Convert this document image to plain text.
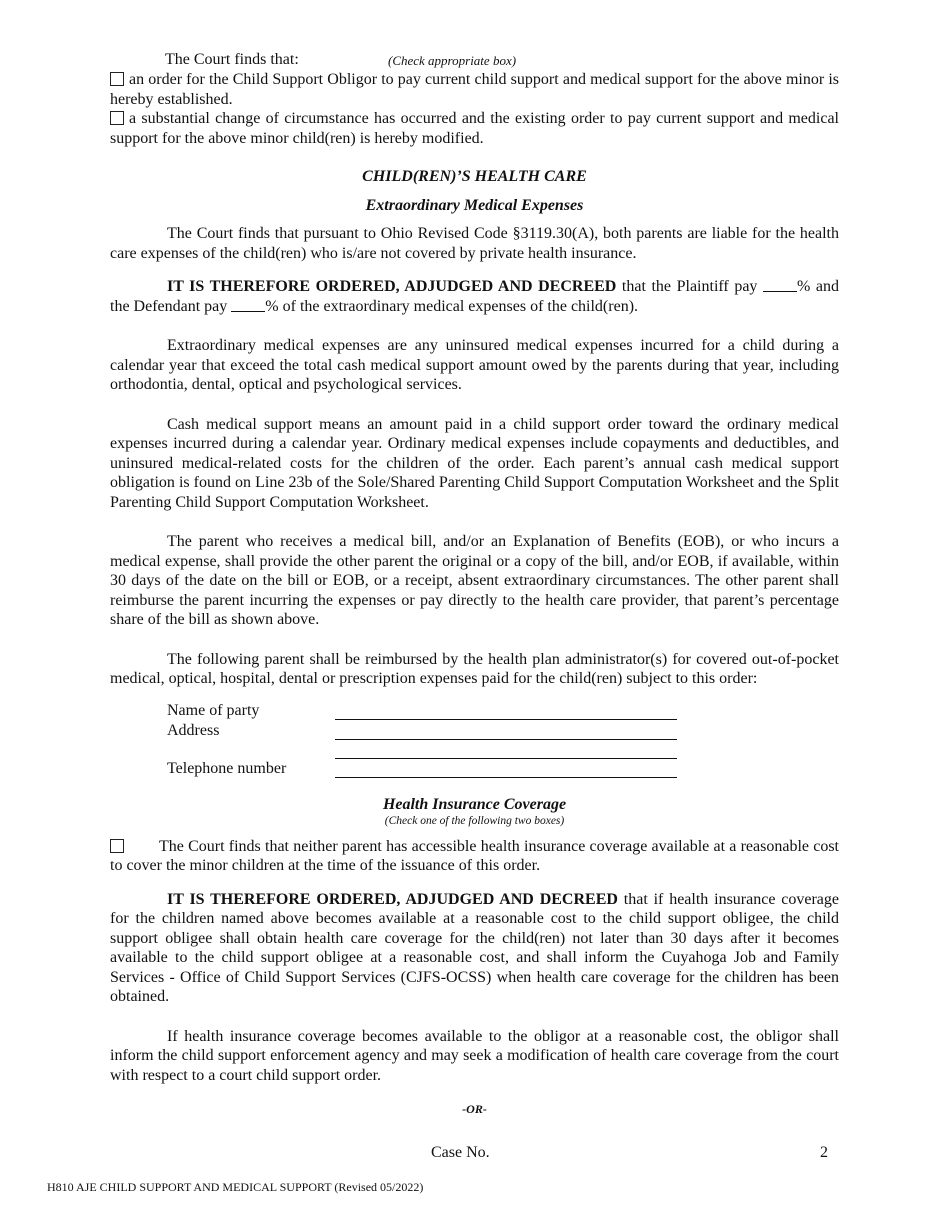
The Court finds that:	(Check appropriate box)
an order for the Child Support Obligor to pay current child support and medical support for the above minor is hereby established.
a substantial change of circumstance has occurred and the existing order to pay current support and medical support for the above minor child(ren) is hereby modified.
CHILD(REN)’S HEALTH CARE
Extraordinary Medical Expenses

The Court finds that pursuant to Ohio Revised Code §3119.30(A), both parents are liable for the health care expenses of the child(ren) who is/are not covered by private health insurance.

IT IS THEREFORE ORDERED, ADJUDGED AND DECREED that the Plaintiff pay % and the Defendant pay % of the extraordinary medical expenses of the child(ren).

Extraordinary medical expenses are any uninsured medical expenses incurred for a child during a calendar year that exceed the total cash medical support amount owed by the parents during that year, including orthodontia, dental, optical and psychological services.

Cash medical support means an amount paid in a child support order toward the ordinary medical expenses incurred during a calendar year. Ordinary medical expenses include copayments and deductibles, and uninsured medical-related costs for the children of the order. Each parent’s annual cash medical support obligation is found on Line 23b of the Sole/Shared Parenting Child Support Computation Worksheet and the Split Parenting Child Support Computation Worksheet.

The parent who receives a medical bill, and/or an Explanation of Benefits (EOB), or who incurs a medical expense, shall provide the other parent the original or a copy of the bill, and/or EOB, if available, within 30 days of the date on the bill or EOB, or a receipt, absent extraordinary circumstances. The other parent shall reimburse the parent incurring the expenses or pay directly to the health care provider, that parent’s percentage share of the bill as shown above.

The following parent shall be reimbursed by the health plan administrator(s) for covered out-of-pocket medical, optical, hospital, dental or prescription expenses paid for the child(ren) subject to this order:

Name of party
Address
Telephone number
Health Insurance Coverage
(Check one of the following two boxes)
The Court finds that neither parent has accessible health insurance coverage available at a reasonable cost to cover the minor children at the time of the issuance of this order.

IT IS THEREFORE ORDERED, ADJUDGED AND DECREED that if health insurance coverage for the children named above becomes available at a reasonable cost to the child support obligee, the child support obligee shall obtain health care coverage for the child(ren) not later than 30 days after it becomes available to the child support obligee at a reasonable cost, and shall inform the Cuyahoga Job and Family Services - Office of Child Support Services (CJFS-OCSS) when health care coverage for the children has been obtained.

If health insurance coverage becomes available to the obligor at a reasonable cost, the obligor shall inform the child support enforcement agency and may seek a modification of health care coverage from the court with respect to a court child support order.

-OR-
Case No.	2
H810 AJE CHILD SUPPORT AND MEDICAL SUPPORT (Revised 05/2022)
